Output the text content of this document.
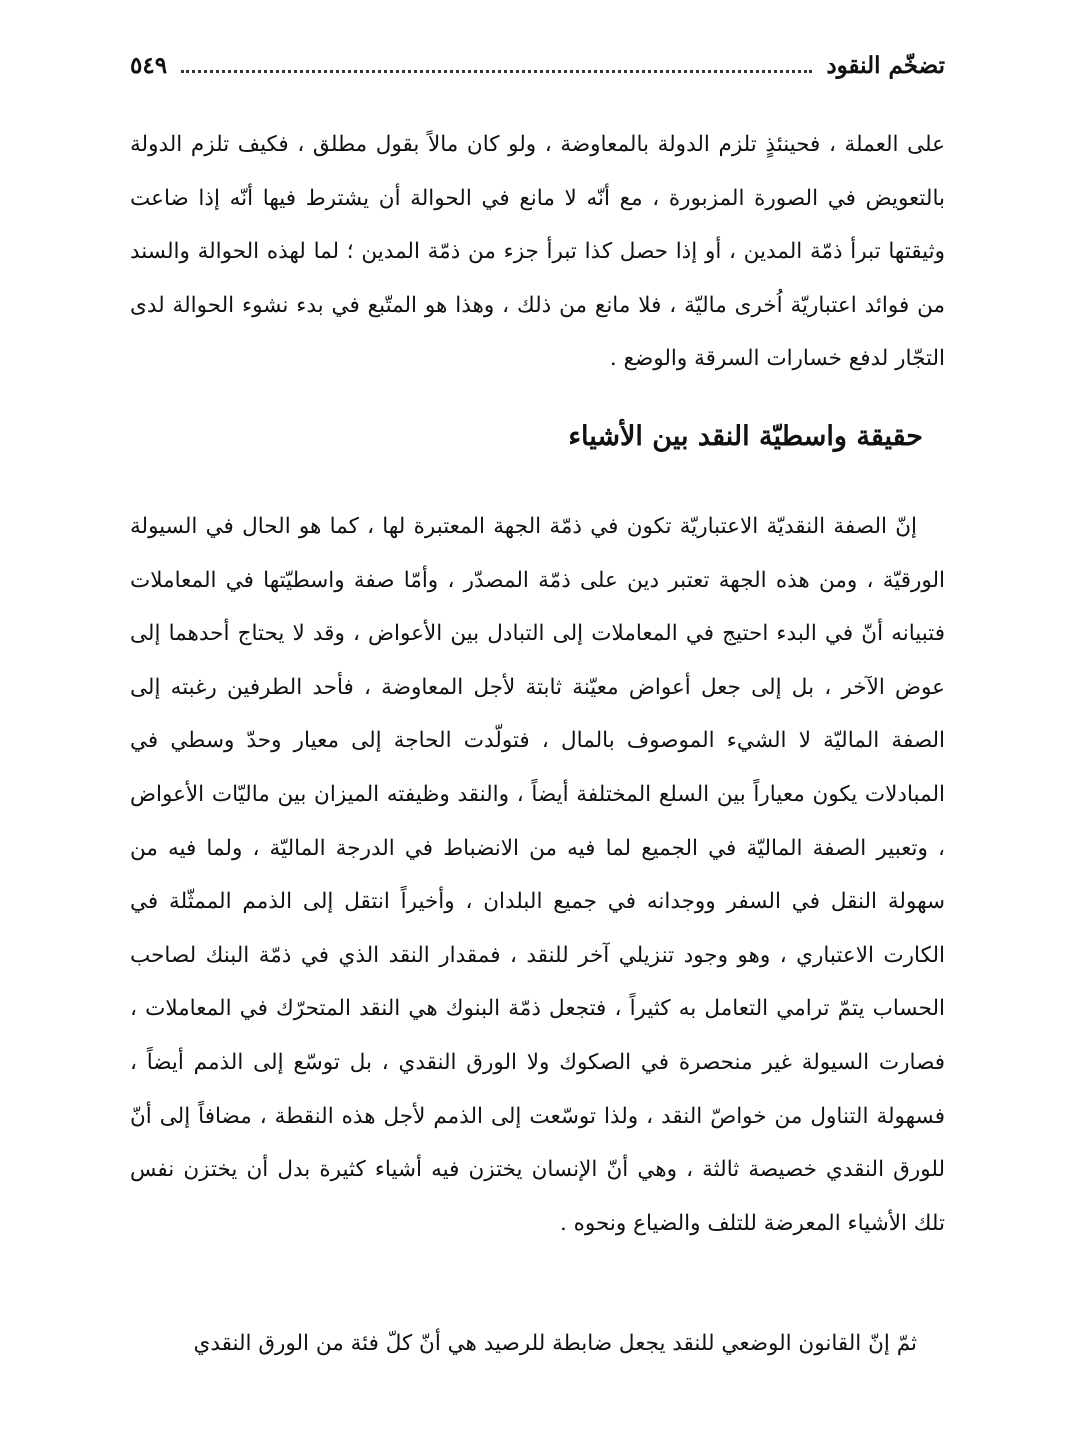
تضخّم النقود
٥٤٩

على العملة ، فحينئذٍ تلزم الدولة بالمعاوضة ، ولو كان مالاً بقول مطلق ، فكيف تلزم الدولة بالتعويض في الصورة المزبورة ، مع أنّه لا مانع في الحوالة أن يشترط فيها أنّه إذا ضاعت وثيقتها تبرأ ذمّة المدين ، أو إذا حصل كذا تبرأ جزء من ذمّة المدين ؛ لما لهذه الحوالة والسند من فوائد اعتباريّة اُخرى ماليّة ، فلا مانع من ذلك ، وهذا هو المتّبع في بدء نشوء الحوالة لدى التجّار لدفع خسارات السرقة والوضع .

حقيقة واسطيّة النقد بين الأشياء

إنّ الصفة النقديّة الاعتباريّة تكون في ذمّة الجهة المعتبرة لها ، كما هو الحال في السيولة الورقيّة ، ومن هذه الجهة تعتبر دين على ذمّة المصدّر ، وأمّا صفة واسطيّتها في المعاملات فتبيانه أنّ في البدء احتيج في المعاملات إلى التبادل بين الأعواض ، وقد لا يحتاج أحدهما إلى عوض الآخر ، بل إلى جعل أعواض معيّنة ثابتة لأجل المعاوضة ، فأحد الطرفين رغبته إلى الصفة الماليّة لا الشيء الموصوف بالمال ، فتولّدت الحاجة إلى معيار وحدّ وسطي في المبادلات يكون معياراً بين السلع المختلفة أيضاً ، والنقد وظيفته الميزان بين ماليّات الأعواض ، وتعبير الصفة الماليّة في الجميع لما فيه من الانضباط في الدرجة الماليّة ، ولما فيه من سهولة النقل في السفر ووجدانه في جميع البلدان ، وأخيراً انتقل إلى الذمم الممثّلة في الكارت الاعتباري ، وهو وجود تنزيلي آخر للنقد ، فمقدار النقد الذي في ذمّة البنك لصاحب الحساب يتمّ ترامي التعامل به كثيراً ، فتجعل ذمّة البنوك هي النقد المتحرّك في المعاملات ، فصارت السيولة غير منحصرة في الصكوك ولا الورق النقدي ، بل توسّع إلى الذمم أيضاً ، فسهولة التناول من خواصّ النقد ، ولذا توسّعت إلى الذمم لأجل هذه النقطة ، مضافاً إلى أنّ للورق النقدي خصيصة ثالثة ، وهي أنّ الإنسان يختزن فيه أشياء كثيرة بدل أن يختزن نفس تلك الأشياء المعرضة للتلف والضياع ونحوه .

ثمّ إنّ القانون الوضعي للنقد يجعل ضابطة للرصيد هي أنّ كلّ فئة من الورق النقدي
